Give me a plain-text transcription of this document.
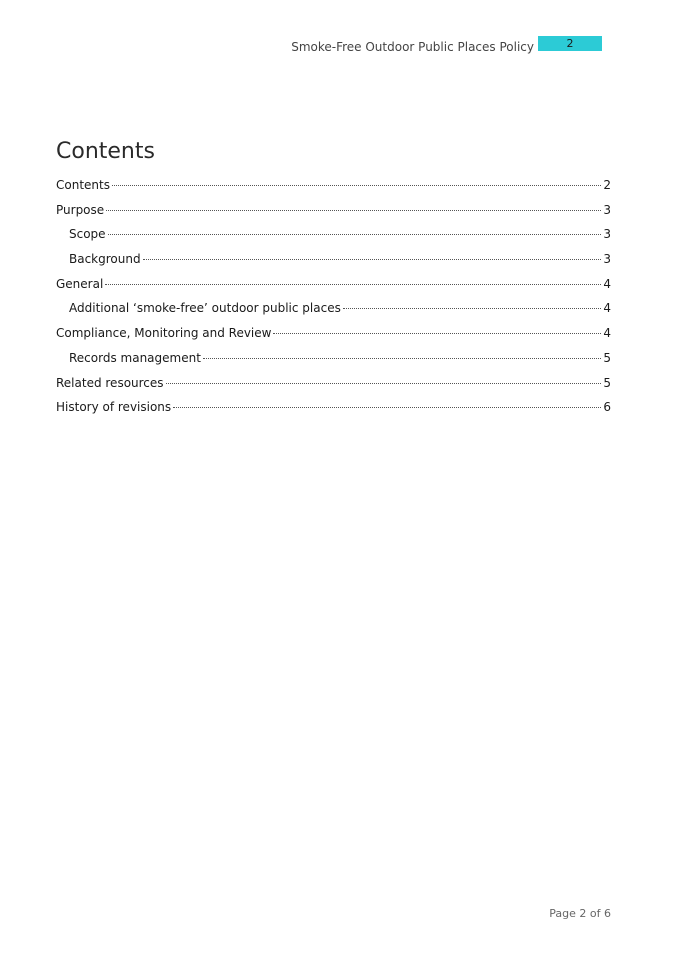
Smoke-Free Outdoor Public Places Policy	2
Contents
Contents	2
Purpose	3
Scope	3
Background	3
General	4
Additional ‘smoke-free’ outdoor public places	4
Compliance, Monitoring and Review	4
Records management	5
Related resources	5
History of revisions	6
Page 2 of 6
